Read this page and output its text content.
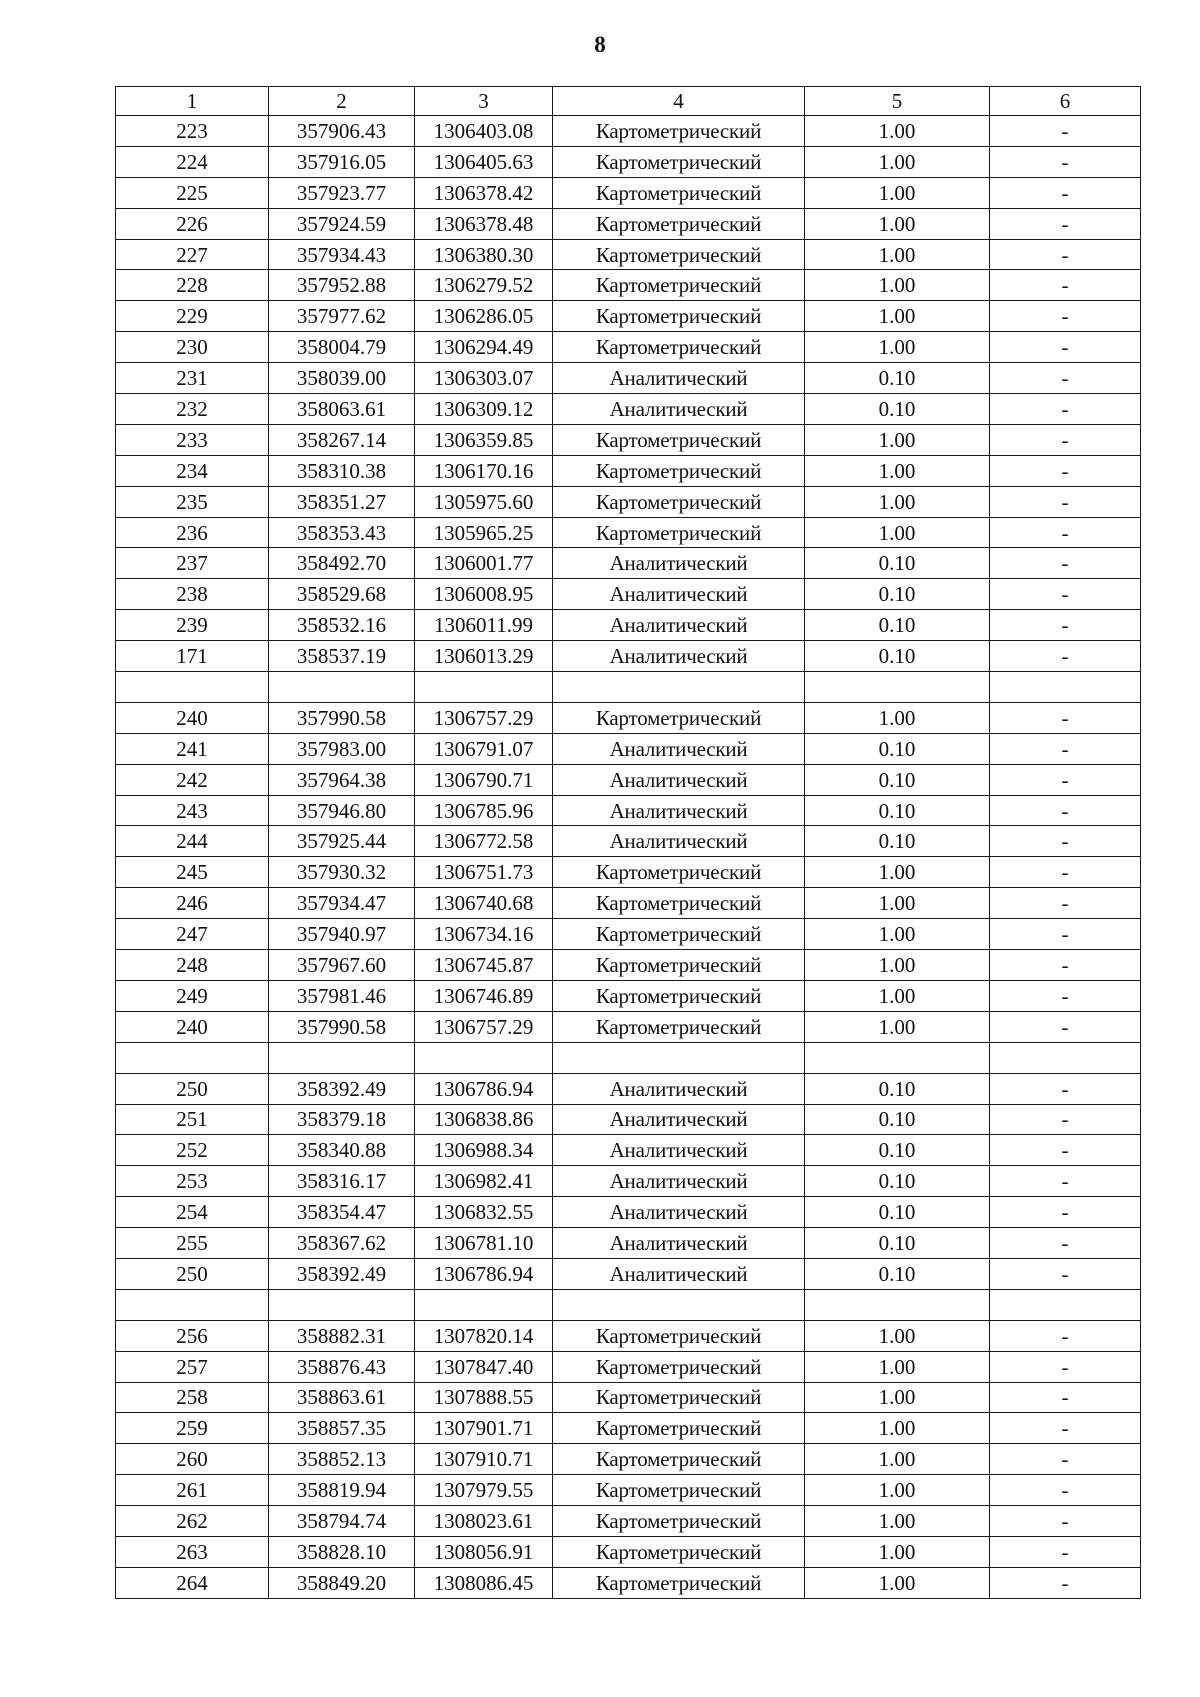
8
1	2	3	4	5	6
223	357906.43	1306403.08	Картометрический	1.00	-
224	357916.05	1306405.63	Картометрический	1.00	-
225	357923.77	1306378.42	Картометрический	1.00	-
226	357924.59	1306378.48	Картометрический	1.00	-
227	357934.43	1306380.30	Картометрический	1.00	-
228	357952.88	1306279.52	Картометрический	1.00	-
229	357977.62	1306286.05	Картометрический	1.00	-
230	358004.79	1306294.49	Картометрический	1.00	-
231	358039.00	1306303.07	Аналитический	0.10	-
232	358063.61	1306309.12	Аналитический	0.10	-
233	358267.14	1306359.85	Картометрический	1.00	-
234	358310.38	1306170.16	Картометрический	1.00	-
235	358351.27	1305975.60	Картометрический	1.00	-
236	358353.43	1305965.25	Картометрический	1.00	-
237	358492.70	1306001.77	Аналитический	0.10	-
238	358529.68	1306008.95	Аналитический	0.10	-
239	358532.16	1306011.99	Аналитический	0.10	-
171	358537.19	1306013.29	Аналитический	0.10	-

240	357990.58	1306757.29	Картометрический	1.00	-
241	357983.00	1306791.07	Аналитический	0.10	-
242	357964.38	1306790.71	Аналитический	0.10	-
243	357946.80	1306785.96	Аналитический	0.10	-
244	357925.44	1306772.58	Аналитический	0.10	-
245	357930.32	1306751.73	Картометрический	1.00	-
246	357934.47	1306740.68	Картометрический	1.00	-
247	357940.97	1306734.16	Картометрический	1.00	-
248	357967.60	1306745.87	Картометрический	1.00	-
249	357981.46	1306746.89	Картометрический	1.00	-
240	357990.58	1306757.29	Картометрический	1.00	-

250	358392.49	1306786.94	Аналитический	0.10	-
251	358379.18	1306838.86	Аналитический	0.10	-
252	358340.88	1306988.34	Аналитический	0.10	-
253	358316.17	1306982.41	Аналитический	0.10	-
254	358354.47	1306832.55	Аналитический	0.10	-
255	358367.62	1306781.10	Аналитический	0.10	-
250	358392.49	1306786.94	Аналитический	0.10	-

256	358882.31	1307820.14	Картометрический	1.00	-
257	358876.43	1307847.40	Картометрический	1.00	-
258	358863.61	1307888.55	Картометрический	1.00	-
259	358857.35	1307901.71	Картометрический	1.00	-
260	358852.13	1307910.71	Картометрический	1.00	-
261	358819.94	1307979.55	Картометрический	1.00	-
262	358794.74	1308023.61	Картометрический	1.00	-
263	358828.10	1308056.91	Картометрический	1.00	-
264	358849.20	1308086.45	Картометрический	1.00	-
